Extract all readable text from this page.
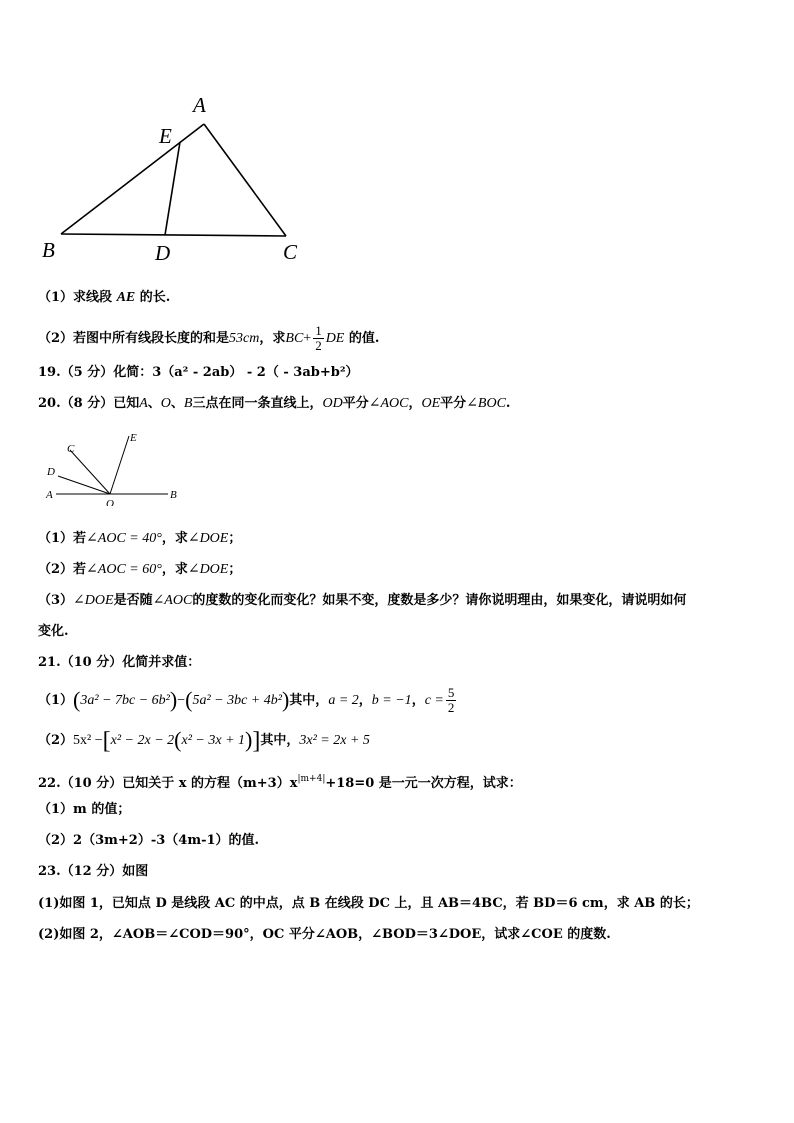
A
E
B	D	C
（1）求线段 AE 的长.
（2）若图中所有线段长度的和是53cm，求$BC+ \frac{1}{2}$ DE 的值.
19.（5 分）化简：3（a² - 2ab） - 2（ - 3ab+b²）
20.（8 分）已知A、O、B三点在同一条直线上，OD平分∠AOC，OE平分∠BOC.
C
E
D
A
O
B
（1）若∠AOC = 40°，求∠DOE；
（2）若∠AOC = 60°，求∠DOE；
（3）∠DOE是否随∠AOC的度数的变化而变化？如果不变，度数是多少？请你说明理由，如果变化，请说明如何
变化.
21.（10 分）化简并求值：
（1）(3a² − 7bc − 6b²)−(5a² − 3bc + 4b²)其中，a = 2，b = −1，$c = \frac{5}{2}$
（2）5x² −[x² − 2x − 2(x² − 3x + 1)]其中，3x² = 2x + 5
22.（10 分）已知关于 x 的方程$(m+3)x^{|m+4|}+18=0$ 是一元一次方程，试求：
（1）m 的值；
（2）2（3m+2）-3（4m-1）的值.
23.（12 分）如图
(1)如图 1，已知点 D 是线段 AC 的中点，点 B 在线段 DC 上，且 AB＝4BC，若 BD＝6 cm，求 AB 的长；
(2)如图 2，∠AOB＝∠COD＝90°，OC 平分∠AOB，∠BOD＝3∠DOE，试求∠COE 的度数.
